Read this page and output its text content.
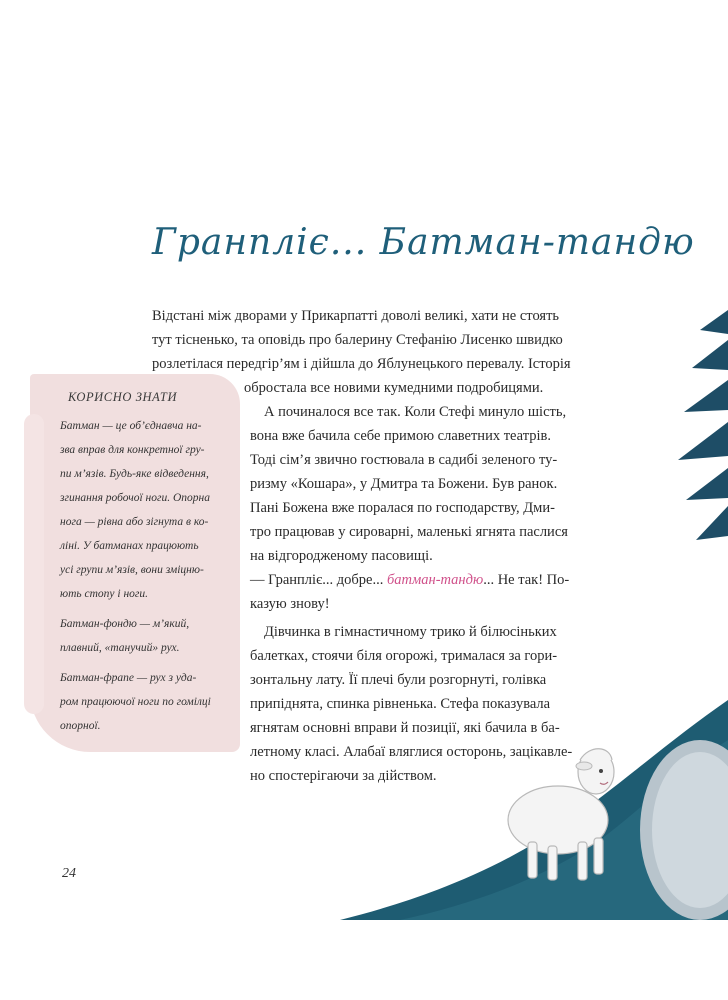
Гранпліє... Батман-тандю
КОРИСНО ЗНАТИ
Батман — це об’єднавча на-
зва вправ для конкретної гру-
пи м’язів. Будь-яке відведення,
згинання робочої ноги. Опорна
нога — рівна або зігнута в ко-
ліні. У батманах працюють
усі групи м’язів, вони зміцню-
ють стопу і ноги.
Батман-фондю — м’який,
плавний, «танучий» рух.
Батман-фрапе — рух з уда-
ром працюючої ноги по гомілці
опорної.
Відстані між дворами у Прикарпатті доволі великі, хати не стоять
тут тісненько, та оповідь про балерину Стефанію Лисенко швидко
розлетілася передгір’ям і дійшла до Яблунецького перевалу. Історія
обростала все новими кумедними подробицями.
А починалося все так. Коли Стефі минуло шість,
вона вже бачила себе примою славетних театрів.
Тоді сім’я звично гостювала в садибі зеленого ту-
ризму «Кошара», у Дмитра та Божени. Був ранок.
Пані Божена вже поралася по господарству, Дми-
тро працював у сироварні, маленькі ягнята паслися
на відгородженому пасовищі.
— Гранпліє... добре... батман-тандю... Не так! По-
казую знову!
Дівчинка в гімнастичному трико й білюсіньких
балетках, стоячи біля огорожі, трималася за гори-
зонтальну лату. Її плечі були розгорнуті, голівка
припіднята, спинка рівненька. Стефа показувала
ягнятам основні вправи й позиції, які бачила в ба-
летному класі. Алабаї вляглися осторонь, зацікавле-
но спостерігаючи за дійством.
24
